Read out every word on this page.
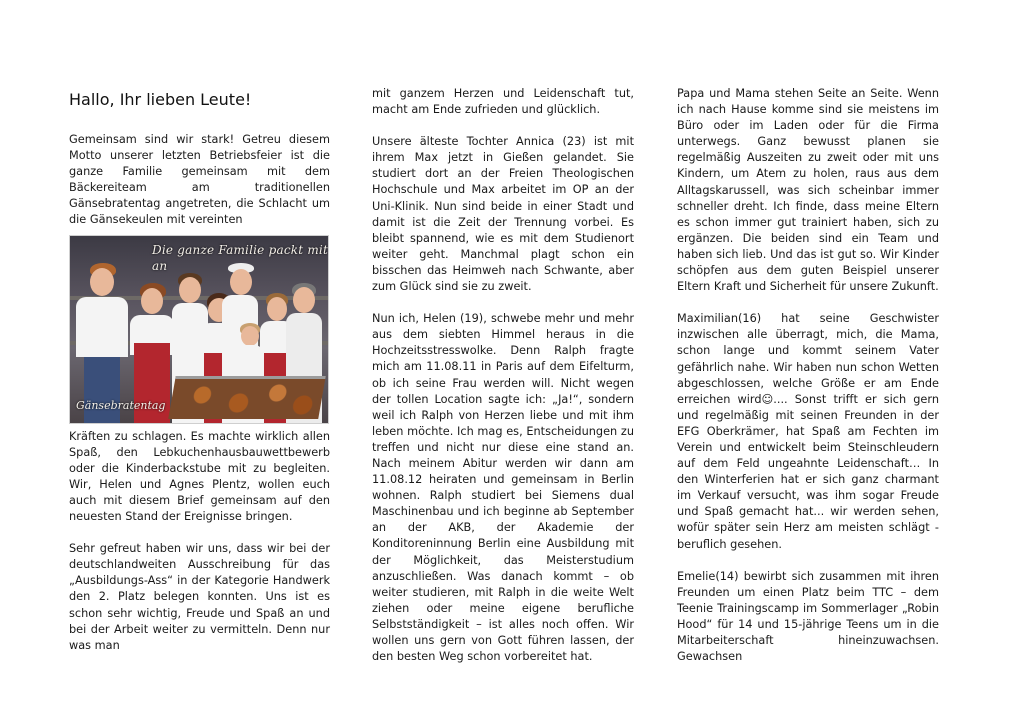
Hallo, Ihr lieben Leute!

Gemeinsam sind wir stark! Getreu diesem Motto unserer letzten Betriebsfeier ist die ganze Familie gemeinsam mit dem Bäckereiteam am traditionellen Gänsebratentag angetreten, die Schlacht um die Gänsekeulen mit vereinten

Die ganze Familie packt mit an
Gänsebratentag

Kräften zu schlagen. Es machte wirklich allen Spaß, den Lebkuchenhausbauwettbewerb oder die Kinderbackstube mit zu begleiten. Wir, Helen und Agnes Plentz, wollen euch auch mit diesem Brief gemeinsam auf den neuesten Stand der Ereignisse bringen.

Sehr gefreut haben wir uns, dass wir bei der deutschlandweiten Ausschreibung für das „Ausbildungs-Ass“ in der Kategorie Handwerk den 2. Platz belegen konnten. Uns ist es schon sehr wichtig, Freude und Spaß an und bei der Arbeit weiter zu vermitteln. Denn nur was man

mit ganzem Herzen und Leidenschaft tut, macht am Ende zufrieden und glücklich.

Unsere älteste Tochter Annica (23) ist mit ihrem Max jetzt in Gießen gelandet. Sie studiert dort an der Freien Theologischen Hochschule und Max arbeitet im OP an der Uni-Klinik. Nun sind beide in einer Stadt und damit ist die Zeit der Trennung vorbei. Es bleibt spannend, wie es mit dem Studienort weiter geht. Manchmal plagt schon ein bisschen das Heimweh nach Schwante, aber zum Glück sind sie zu zweit.

Nun ich, Helen (19), schwebe mehr und mehr aus dem siebten Himmel heraus in die Hochzeitsstresswolke. Denn Ralph fragte mich am 11.08.11 in Paris auf dem Eifelturm, ob ich seine Frau werden will. Nicht wegen der tollen Location sagte ich: „Ja!“, sondern weil ich Ralph von Herzen liebe und mit ihm leben möchte. Ich mag es, Entscheidungen zu treffen und nicht nur diese eine stand an. Nach meinem Abitur werden wir dann am 11.08.12 heiraten und gemeinsam in Berlin wohnen. Ralph studiert bei Siemens dual Maschinenbau und ich beginne ab September an der AKB, der Akademie der Konditoreninnung Berlin eine Ausbildung mit der Möglichkeit, das Meisterstudium anzuschließen. Was danach kommt – ob weiter studieren, mit Ralph in die weite Welt ziehen oder meine eigene berufliche Selbstständigkeit – ist alles noch offen. Wir wollen uns gern von Gott führen lassen, der den besten Weg schon vorbereitet hat.

Papa und Mama stehen Seite an Seite. Wenn ich nach Hause komme sind sie meistens im Büro oder im Laden oder für die Firma unterwegs. Ganz bewusst planen sie regelmäßig Auszeiten zu zweit oder mit uns Kindern, um Atem zu holen, raus aus dem Alltagskarussell, was sich scheinbar immer schneller dreht. Ich finde, dass meine Eltern es schon immer gut trainiert haben, sich zu ergänzen. Die beiden sind ein Team und haben sich lieb. Und das ist gut so. Wir Kinder schöpfen aus dem guten Beispiel unserer Eltern Kraft und Sicherheit für unsere Zukunft.

Maximilian(16) hat seine Geschwister inzwischen alle überragt, mich, die Mama, schon lange und kommt seinem Vater gefährlich nahe. Wir haben nun schon Wetten abgeschlossen, welche Größe er am Ende erreichen wird☺.... Sonst trifft er sich gern und regelmäßig mit seinen Freunden in der EFG Oberkrämer, hat Spaß am Fechten im Verein und entwickelt beim Steinschleudern auf dem Feld ungeahnte Leidenschaft… In den Winterferien hat er sich ganz charmant im Verkauf versucht, was ihm sogar Freude und Spaß gemacht hat... wir werden sehen, wofür später sein Herz am meisten schlägt - beruflich gesehen.

Emelie(14) bewirbt sich zusammen mit ihren Freunden um einen Platz beim TTC – dem Teenie Trainingscamp im Sommerlager „Robin Hood“ für 14 und 15-jährige Teens um in die Mitarbeiterschaft hineinzuwachsen. Gewachsen
